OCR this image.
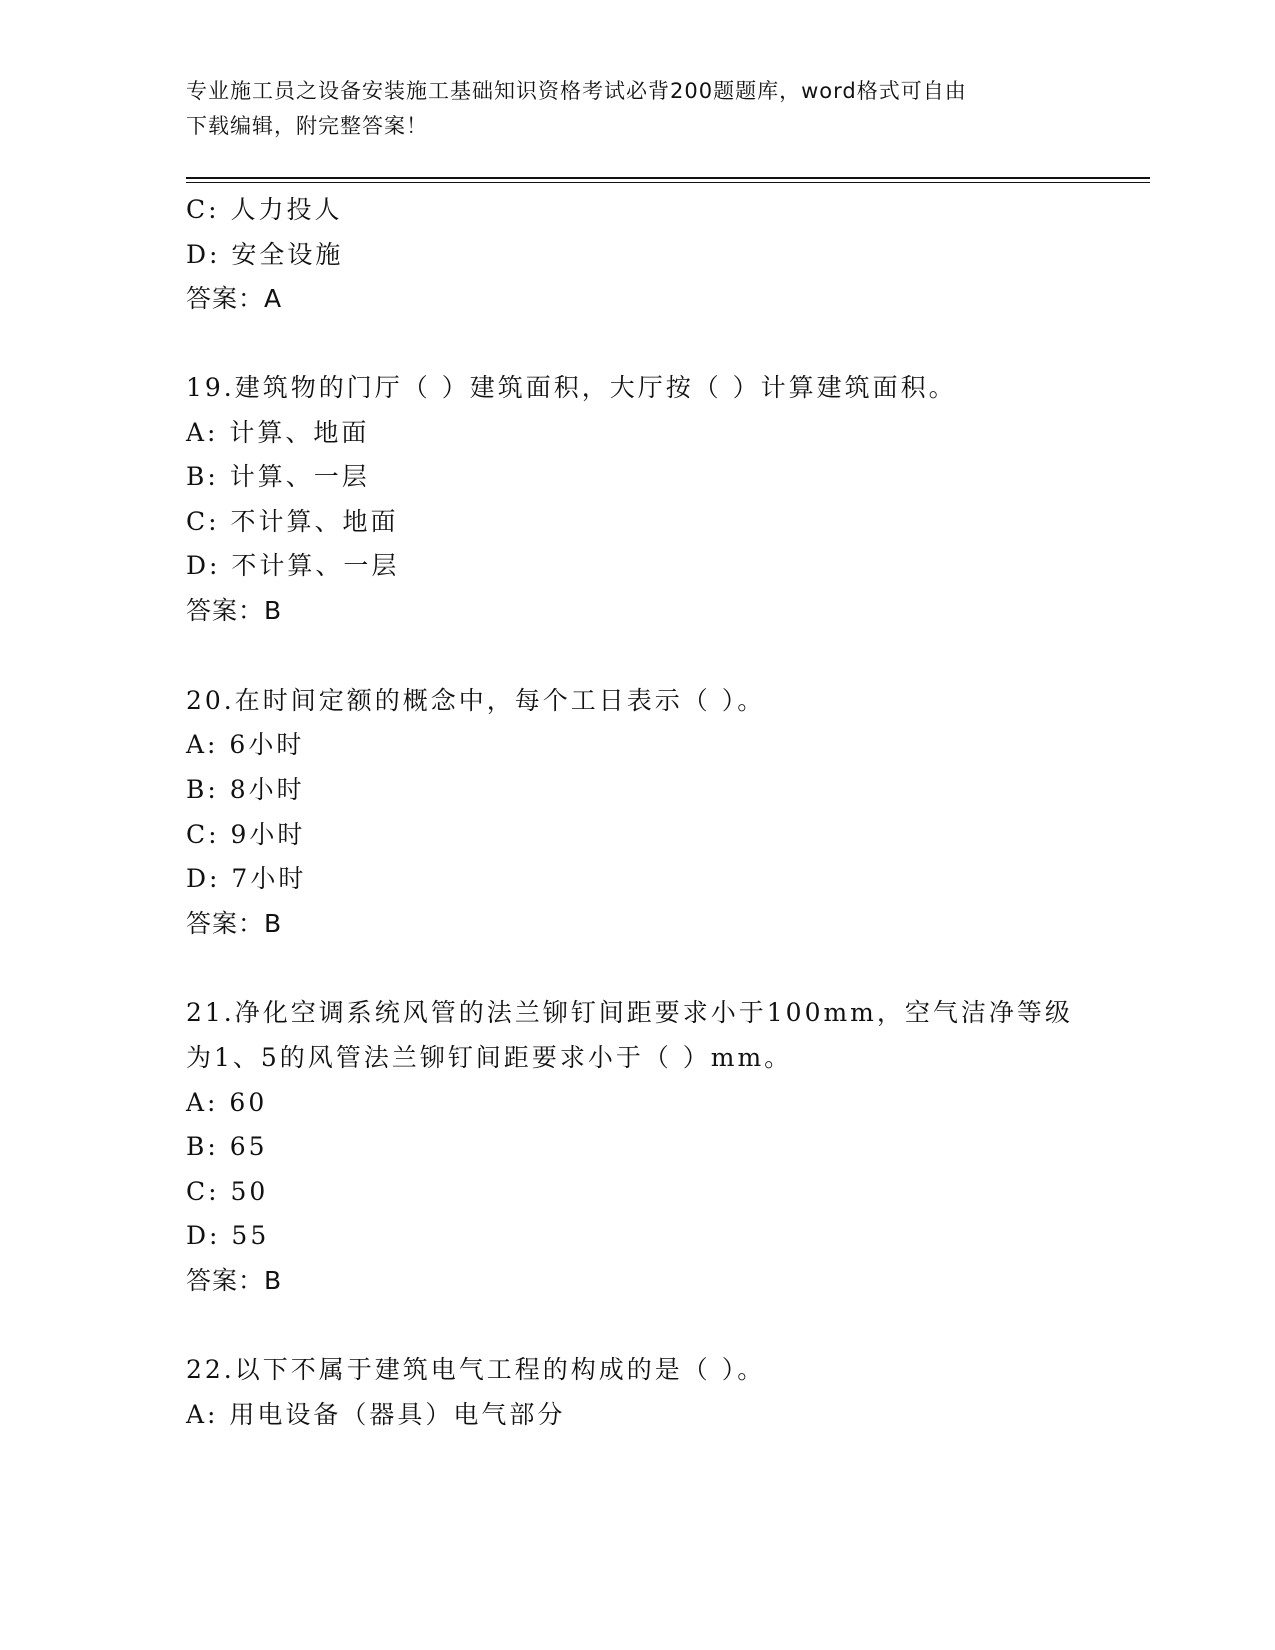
专业施工员之设备安装施工基础知识资格考试必背200题题库，word格式可自由
下载编辑，附完整答案！
C: 人力投人
D: 安全设施
答案：A
19.建筑物的门厅（ ）建筑面积，大厅按（ ）计算建筑面积。
A: 计算、地面
B: 计算、一层
C: 不计算、地面
D: 不计算、一层
答案：B
20.在时间定额的概念中，每个工日表示（ ）。
A: 6小时
B: 8小时
C: 9小时
D: 7小时
答案：B
21.净化空调系统风管的法兰铆钉间距要求小于100mm，空气洁净等级
为1、5的风管法兰铆钉间距要求小于（ ）mm。
A: 60
B: 65
C: 50
D: 55
答案：B
22.以下不属于建筑电气工程的构成的是（ ）。
A: 用电设备（器具）电气部分
